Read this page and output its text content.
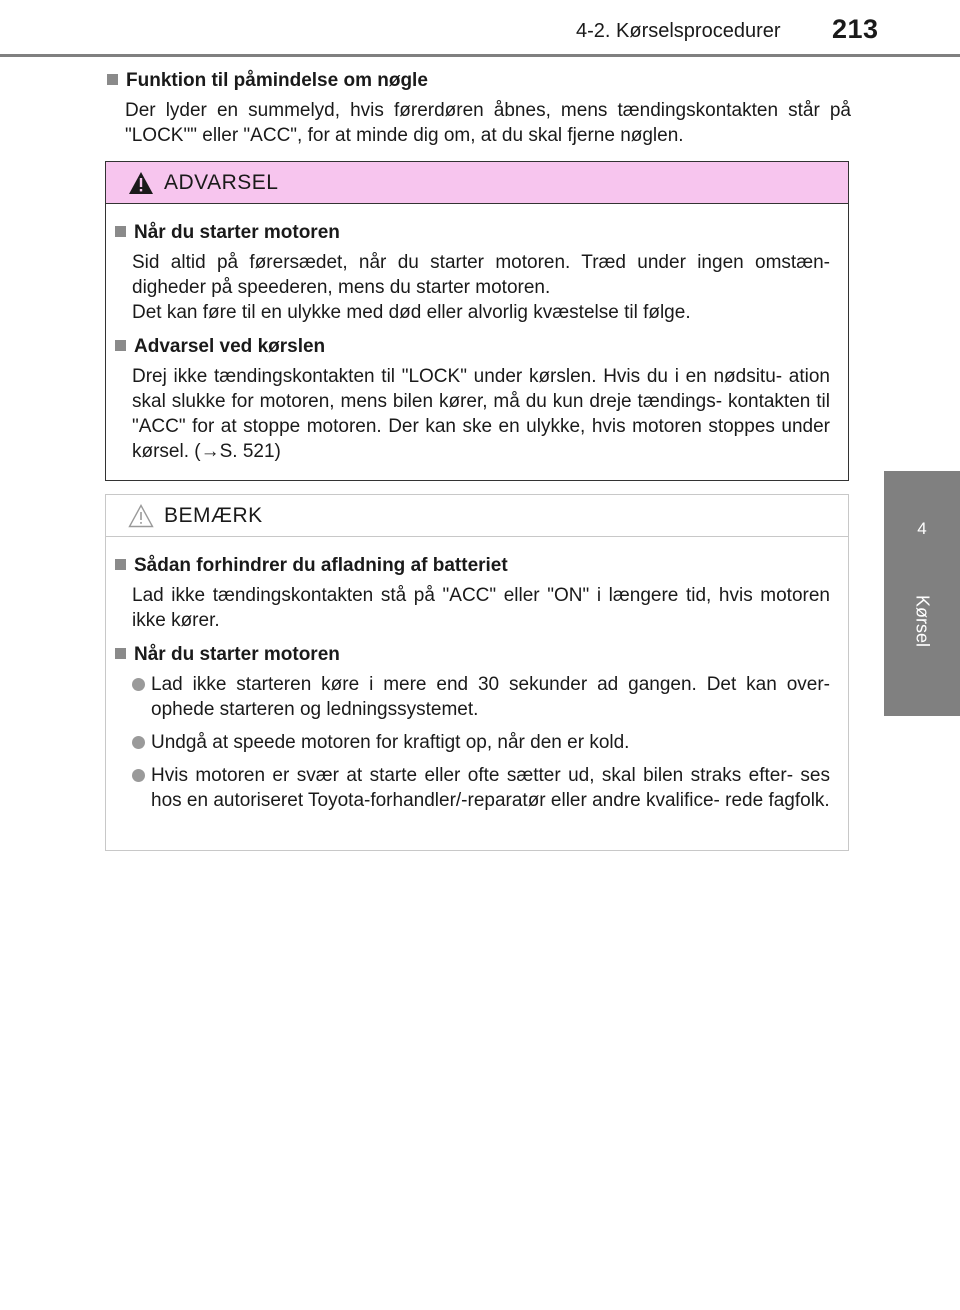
4-2. Kørselsprocedurer 213
4
Kørsel
Funktion til påmindelse om nøgle
Der lyder en summelyd, hvis førerdøren åbnes, mens tændingskontakten står på "LOCK"" eller "ACC", for at minde dig om, at du skal fjerne nøglen.
ADVARSEL
Når du starter motoren
Sid altid på førersædet, når du starter motoren. Træd under ingen omstæn- digheder på speederen, mens du starter motoren.
Det kan føre til en ulykke med død eller alvorlig kvæstelse til følge.
Advarsel ved kørslen
Drej ikke tændingskontakten til "LOCK" under kørslen. Hvis du i en nødsitu- ation skal slukke for motoren, mens bilen kører, må du kun dreje tændings- kontakten til "ACC" for at stoppe motoren. Der kan ske en ulykke, hvis motoren stoppes under kørsel. (→S. 521)
BEMÆRK
Sådan forhindrer du afladning af batteriet
Lad ikke tændingskontakten stå på "ACC" eller "ON" i længere tid, hvis motoren ikke kører.
Når du starter motoren
Lad ikke starteren køre i mere end 30 sekunder ad gangen. Det kan over- ophede starteren og ledningssystemet.
Undgå at speede motoren for kraftigt op, når den er kold.
Hvis motoren er svær at starte eller ofte sætter ud, skal bilen straks efter- ses hos en autoriseret Toyota-forhandler/-reparatør eller andre kvalifice- rede fagfolk.
